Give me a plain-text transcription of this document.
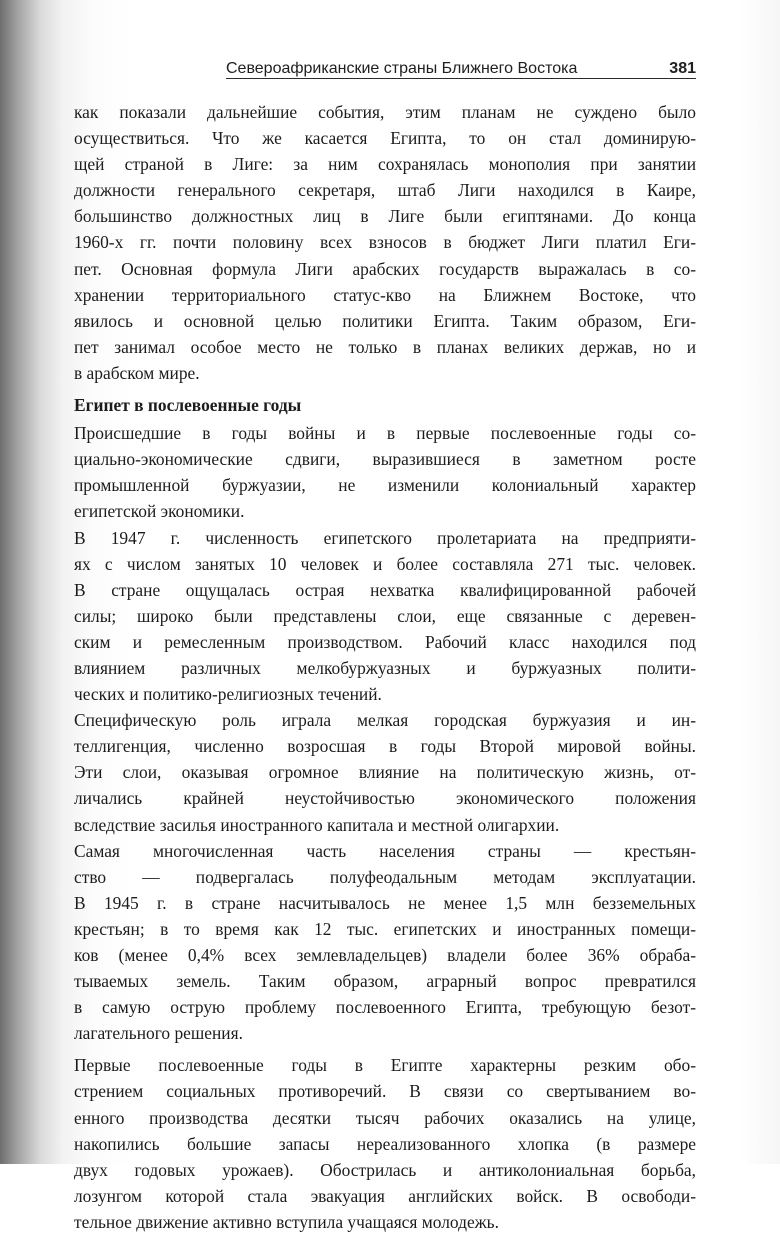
Североафриканские страны Ближнего Востока	381
как показали дальнейшие события, этим планам не суждено было
осуществиться. Что же касается Египта, то он стал доминирую-
щей страной в Лиге: за ним сохранялась монополия при занятии
должности генерального секретаря, штаб Лиги находился в Каире,
большинство должностных лиц в Лиге были египтянами. До конца
1960-х гг. почти половину всех взносов в бюджет Лиги платил Еги-
пет. Основная формула Лиги арабских государств выражалась в со-
хранении территориального статус-кво на Ближнем Востоке, что
явилось и основной целью политики Египта. Таким образом, Еги-
пет занимал особое место не только в планах великих держав, но и
в арабском мире.
Египет в послевоенные годы
Происшедшие в годы войны и в первые послевоенные годы со-
циально-экономические сдвиги, выразившиеся в заметном росте
промышленной буржуазии, не изменили колониальный характер
египетской экономики.
В 1947 г. численность египетского пролетариата на предприяти-
ях с числом занятых 10 человек и более составляла 271 тыс. человек.
В стране ощущалась острая нехватка квалифицированной рабочей
силы; широко были представлены слои, еще связанные с деревен-
ским и ремесленным производством. Рабочий класс находился под
влиянием различных мелкобуржуазных и буржуазных полити-
ческих и политико-религиозных течений.
Специфическую роль играла мелкая городская буржуазия и ин-
теллигенция, численно возросшая в годы Второй мировой войны.
Эти слои, оказывая огромное влияние на политическую жизнь, от-
личались крайней неустойчивостью экономического положения
вследствие засилья иностранного капитала и местной олигархии.
Самая многочисленная часть населения страны — крестьян-
ство — подвергалась полуфеодальным методам эксплуатации.
В 1945 г. в стране насчитывалось не менее 1,5 млн безземельных
крестьян; в то время как 12 тыс. египетских и иностранных помещи-
ков (менее 0,4% всех землевладельцев) владели более 36% обраба-
тываемых земель. Таким образом, аграрный вопрос превратился
в самую острую проблему послевоенного Египта, требующую безот-
лагательного решения.
Первые послевоенные годы в Египте характерны резким обо-
стрением социальных противоречий. В связи со свертыванием во-
енного производства десятки тысяч рабочих оказались на улице,
накопились большие запасы нереализованного хлопка (в размере
двух годовых урожаев). Обострилась и антиколониальная борьба,
лозунгом которой стала эвакуация английских войск. В освободи-
тельное движение активно вступила учащаяся молодежь.
